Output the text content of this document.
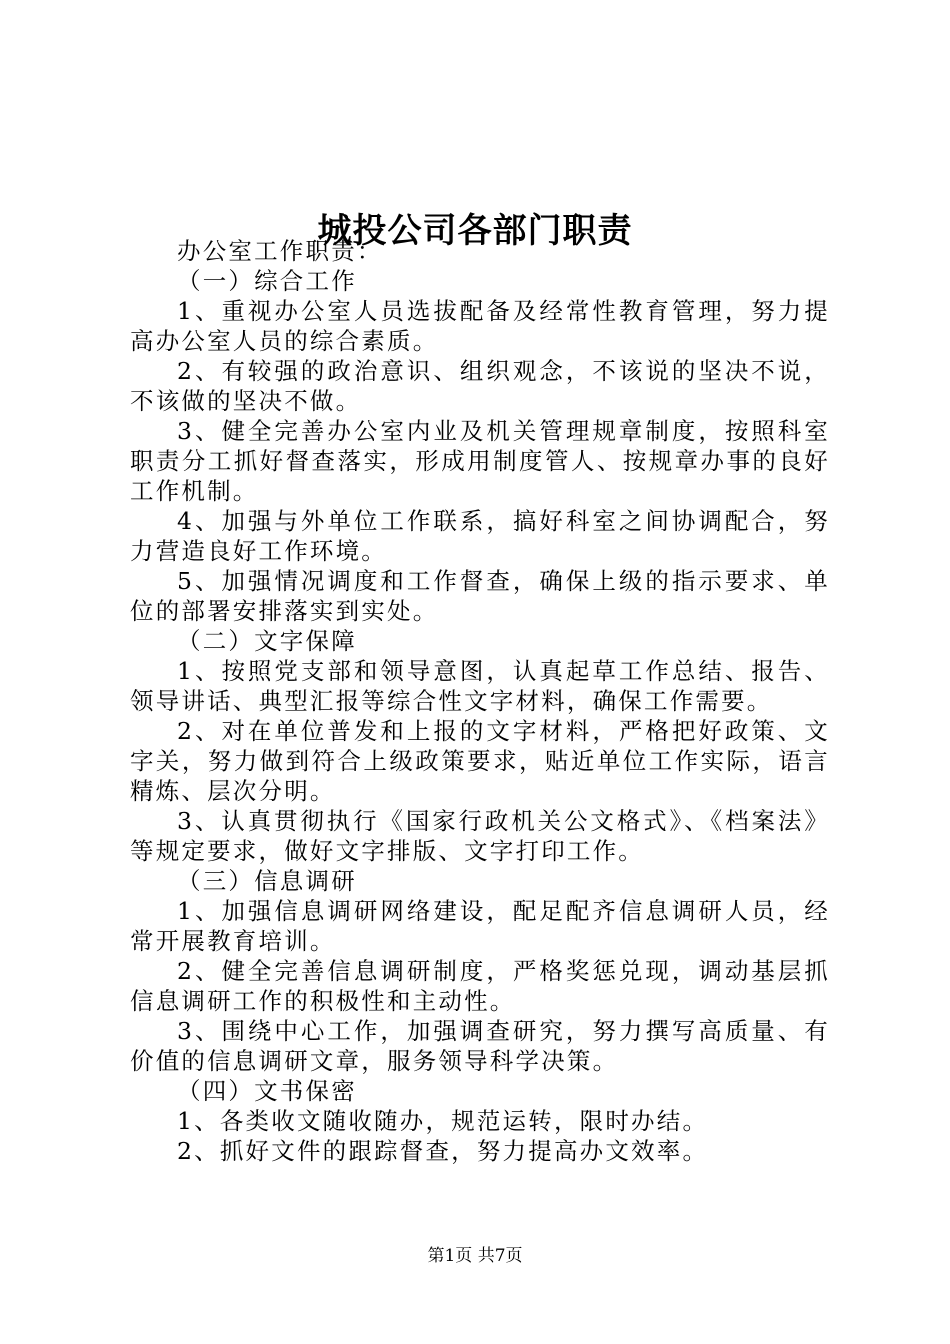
城投公司各部门职责

办公室工作职责：

（一）综合工作

1、重视办公室人员选拔配备及经常性教育管理，努力提高办公室人员的综合素质。

2、有较强的政治意识、组织观念，不该说的坚决不说，不该做的坚决不做。

3、健全完善办公室内业及机关管理规章制度，按照科室职责分工抓好督查落实，形成用制度管人、按规章办事的良好工作机制。

4、加强与外单位工作联系，搞好科室之间协调配合，努力营造良好工作环境。

5、加强情况调度和工作督查，确保上级的指示要求、单位的部署安排落实到实处。

（二）文字保障

1、按照党支部和领导意图，认真起草工作总结、报告、领导讲话、典型汇报等综合性文字材料，确保工作需要。

2、对在单位普发和上报的文字材料，严格把好政策、文字关，努力做到符合上级政策要求，贴近单位工作实际，语言精炼、层次分明。

3、认真贯彻执行《国家行政机关公文格式》、《档案法》等规定要求，做好文字排版、文字打印工作。

（三）信息调研

1、加强信息调研网络建设，配足配齐信息调研人员，经常开展教育培训。

2、健全完善信息调研制度，严格奖惩兑现，调动基层抓信息调研工作的积极性和主动性。

3、围绕中心工作，加强调查研究，努力撰写高质量、有价值的信息调研文章，服务领导科学决策。

（四）文书保密

1、各类收文随收随办，规范运转，限时办结。

2、抓好文件的跟踪督查，努力提高办文效率。

第1页 共7页
